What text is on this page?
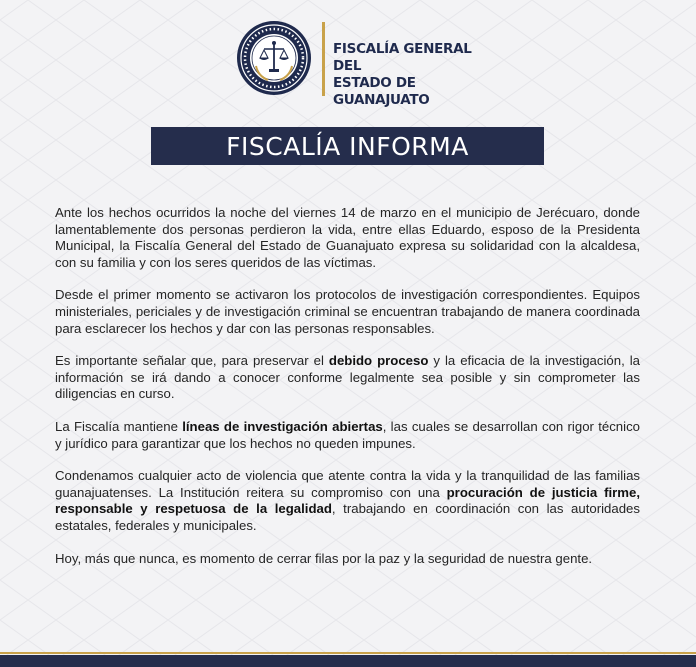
FISCALÍA GENERAL DEL
ESTADO DE GUANAJUATO
FISCALÍA INFORMA

Ante los hechos ocurridos la noche del viernes 14 de marzo en el municipio de Jerécuaro, donde lamentablemente dos personas perdieron la vida, entre ellas Eduardo, esposo de la Presidenta Municipal, la Fiscalía General del Estado de Guanajuato expresa su solidaridad con la alcaldesa, con su familia y con los seres queridos de las víctimas.

Desde el primer momento se activaron los protocolos de investigación correspondientes. Equipos ministeriales, periciales y de investigación criminal se encuentran trabajando de manera coordinada para esclarecer los hechos y dar con las personas responsables.

Es importante señalar que, para preservar el debido proceso y la eficacia de la investigación, la información se irá dando a conocer conforme legalmente sea posible y sin comprometer las diligencias en curso.

La Fiscalía mantiene líneas de investigación abiertas, las cuales se desarrollan con rigor técnico y jurídico para garantizar que los hechos no queden impunes.

Condenamos cualquier acto de violencia que atente contra la vida y la tranquilidad de las familias guanajuatenses. La Institución reitera su compromiso con una procuración de justicia firme, responsable y respetuosa de la legalidad, trabajando en coordinación con las autoridades estatales, federales y municipales.

Hoy, más que nunca, es momento de cerrar filas por la paz y la seguridad de nuestra gente.
